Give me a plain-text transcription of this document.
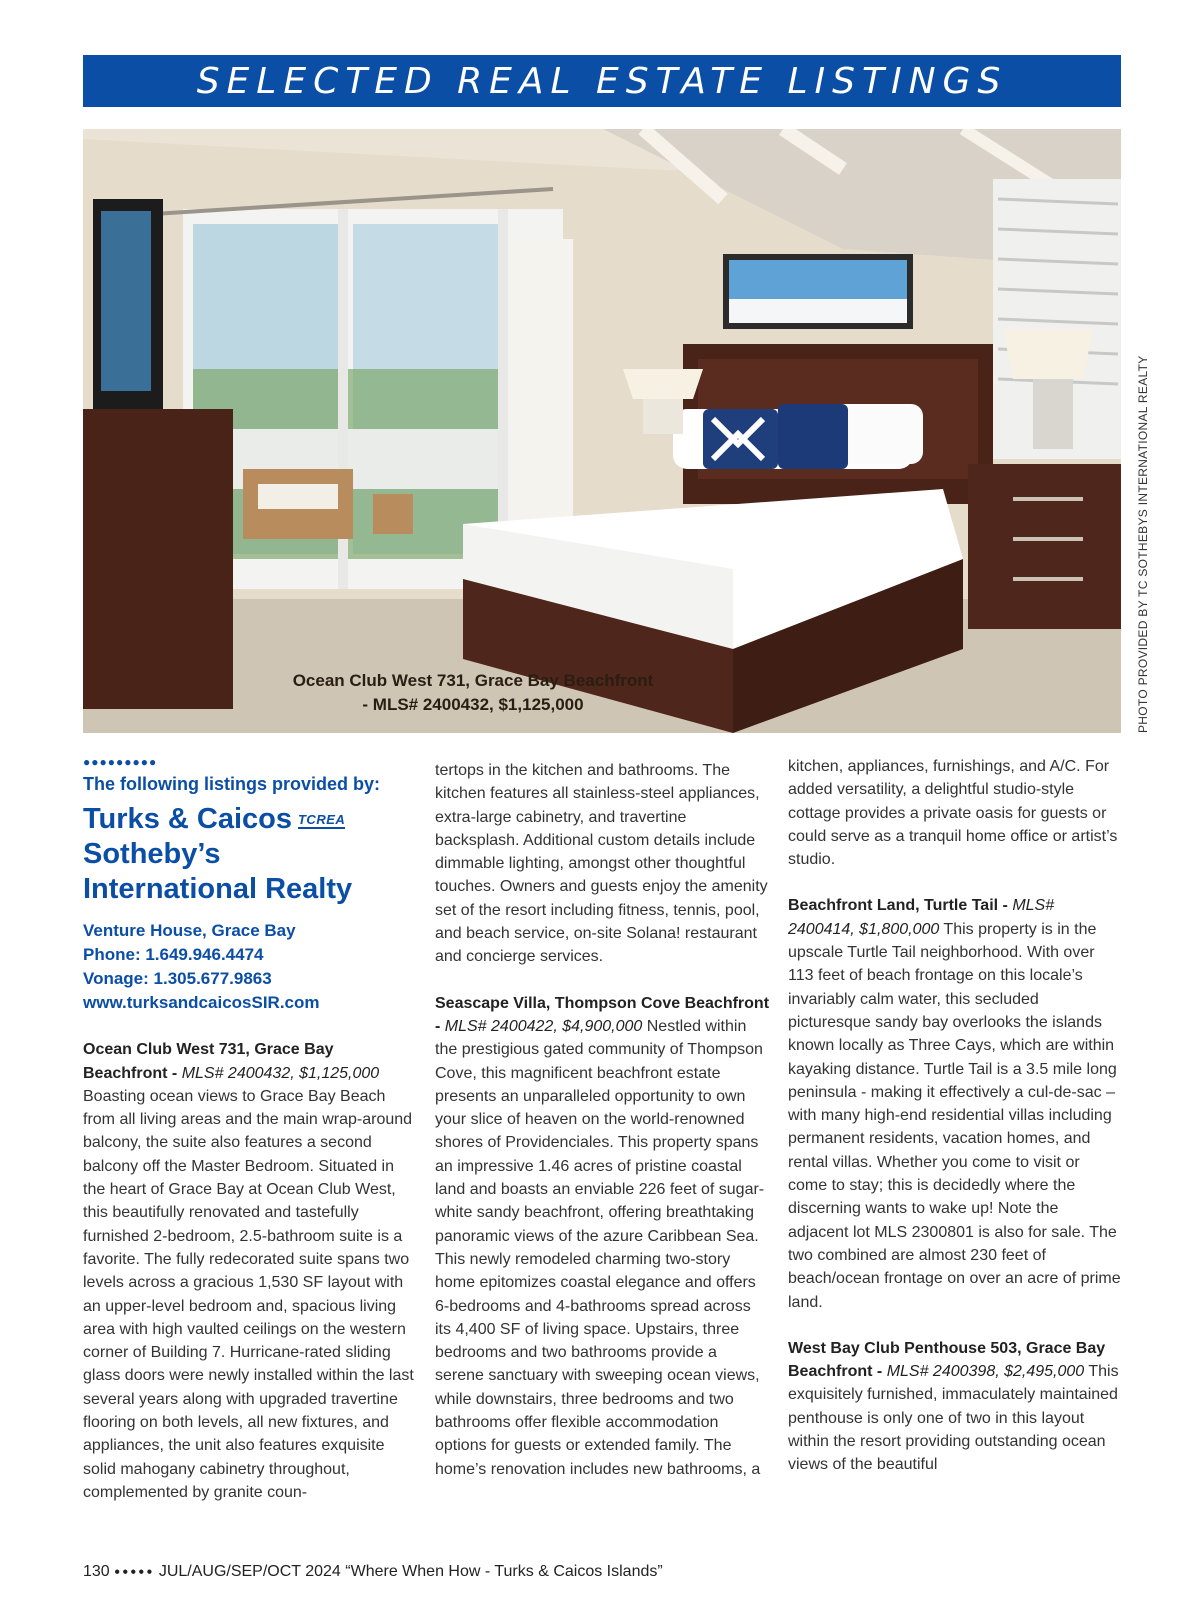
SELECTED REAL ESTATE LISTINGS
Ocean Club West 731, Grace Bay Beachfront
- MLS# 2400432, $1,125,000	PHOTO PROVIDED BY TC SOTHEBYS INTERNATIONAL REALTY
●●●●●●●●●
The following listings provided by:
Turks & Caicos TCREA
Sotheby’s
International Realty
Venture House, Grace Bay
Phone: 1.649.946.4474
Vonage: 1.305.677.9863
www.turksandcaicosSIR.com

Ocean Club West 731, Grace Bay Beachfront - MLS# 2400432, $1,125,000 Boasting ocean views to Grace Bay Beach from all living areas and the main wrap-around balcony, the suite also features a second balcony off the Master Bedroom. Situated in the heart of Grace Bay at Ocean Club West, this beautifully renovated and tastefully furnished 2-bedroom, 2.5-bathroom suite is a favorite. The fully redecorated suite spans two levels across a gracious 1,530 SF layout with an upper-level bedroom and, spacious living area with high vaulted ceilings on the western corner of Building 7. Hurricane-rated sliding glass doors were newly installed within the last several years along with upgraded travertine flooring on both levels, all new fixtures, and appliances, the unit also features exquisite solid mahogany cabinetry throughout, complemented by granite coun-

tertops in the kitchen and bathrooms. The kitchen features all stainless-steel appliances, extra-large cabinetry, and travertine backsplash. Additional custom details include dimmable lighting, amongst other thoughtful touches. Owners and guests enjoy the amenity set of the resort including fitness, tennis, pool, and beach service, on-site Solana! restaurant and concierge services.

Seascape Villa, Thompson Cove Beachfront - MLS# 2400422, $4,900,000 Nestled within the prestigious gated community of Thompson Cove, this magnificent beachfront estate presents an unparalleled opportunity to own your slice of heaven on the world-renowned shores of Providenciales. This property spans an impressive 1.46 acres of pristine coastal land and boasts an enviable 226 feet of sugar-white sandy beachfront, offering breathtaking panoramic views of the azure Caribbean Sea. This newly remodeled charming two-story home epitomizes coastal elegance and offers 6-bedrooms and 4-bathrooms spread across its 4,400 SF of living space. Upstairs, three bedrooms and two bathrooms provide a serene sanctuary with sweeping ocean views, while downstairs, three bedrooms and two bathrooms offer flexible accommodation options for guests or extended family. The home’s renovation includes new bathrooms, a

kitchen, appliances, furnishings, and A/C. For added versatility, a delightful studio-style cottage provides a private oasis for guests or could serve as a tranquil home office or artist’s studio.

Beachfront Land, Turtle Tail - MLS# 2400414, $1,800,000 This property is in the upscale Turtle Tail neighborhood. With over 113 feet of beach frontage on this locale’s invariably calm water, this secluded picturesque sandy bay overlooks the islands known locally as Three Cays, which are within kayaking distance. Turtle Tail is a 3.5 mile long peninsula - making it effectively a cul-de-sac – with many high-end residential villas including permanent residents, vacation homes, and rental villas. Whether you come to visit or come to stay; this is decidedly where the discerning wants to wake up! Note the adjacent lot MLS 2300801 is also for sale. The two combined are almost 230 feet of beach/ocean frontage on over an acre of prime land.

West Bay Club Penthouse 503, Grace Bay Beachfront - MLS# 2400398, $2,495,000 This exquisitely furnished, immaculately maintained penthouse is only one of two in this layout within the resort providing outstanding ocean views of the beautiful

130 ●●●●● JUL/AUG/SEP/OCT 2024 “Where When How - Turks & Caicos Islands”
